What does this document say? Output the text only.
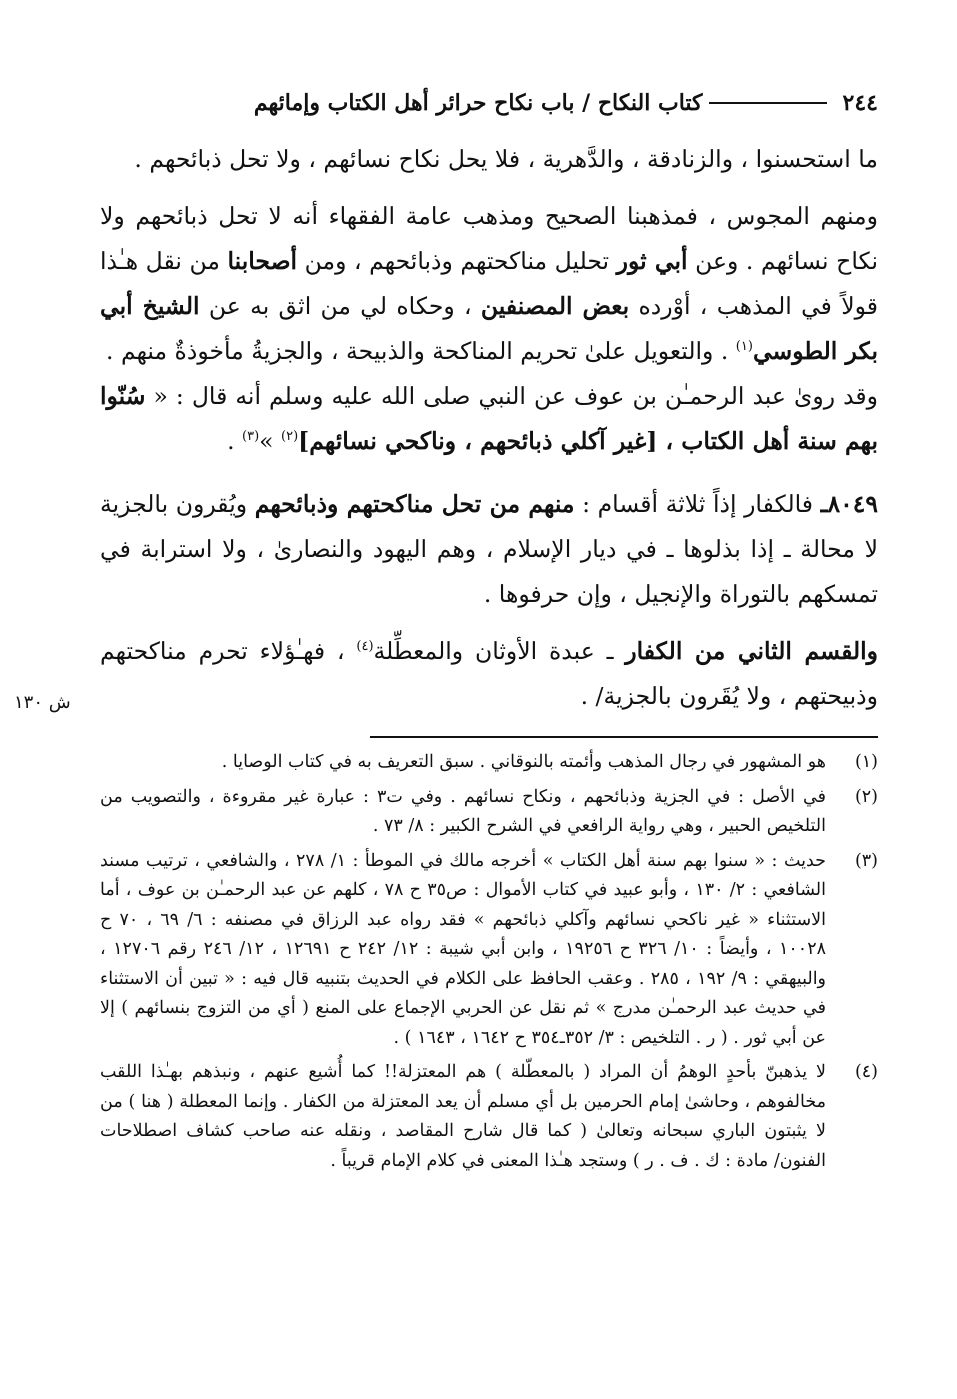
٢٤٤
كتاب النكاح / باب نكاح حرائر أهل الكتاب وإمائهم

ما استحسنوا ، والزنادقة ، والدَّهرية ، فلا يحل نكاح نسائهم ، ولا تحل ذبائحهم .

ومنهم المجوس ، فمذهبنا الصحيح ومذهب عامة الفقهاء أنه لا تحل ذبائحهم ولا نكاح نسائهم . وعن أبي ثور تحليل مناكحتهم وذبائحهم ، ومن أصحابنا من نقل هـٰذا قولاً في المذهب ، أوْرده بعض المصنفين ، وحكاه لي من اثق به عن الشيخ أبي بكر الطوسي$^{(١)}$ . والتعويل علىٰ تحريم المناكحة والذبيحة ، والجزيةُ مأخوذةٌ منهم .

وقد روىٰ عبد الرحمـٰن بن عوف عن النبي صلى الله عليه وسلم أنه قال : « سُنّوا بهم سنة أهل الكتاب ، [غير آكلي ذبائحهم ، وناكحي نسائهم]$^{(٢)}$ »$^{(٣)}$ .

٨٠٤٩ـ فالكفار إذاً ثلاثة أقسام : منهم من تحل مناكحتهم وذبائحهم ويُقرون بالجزية لا محالة ـ إذا بذلوها ـ في ديار الإسلام ، وهم اليهود والنصارىٰ ، ولا استرابة في تمسكهم بالتوراة والإنجيل ، وإن حرفوها .

والقسم الثاني من الكفار ـ عبدة الأوثان والمعطِّلة$^{(٤)}$ ، فهـٰؤلاء تحرم مناكحتهم وذبيحتهم ، ولا يُقَرون بالجزية/ .

ش ١٣٠
(١)
هو المشهور في رجال المذهب وأئمته بالنوقاني . سبق التعريف به في كتاب الوصايا .
(٢)
في الأصل : في الجزية وذبائحهم ، ونكاح نسائهم . وفي ت٣ : عبارة غير مقروءة ، والتصويب من التلخيص الحبير ، وهي رواية الرافعي في الشرح الكبير : ٨/ ٧٣ .
(٣)
حديث : « سنوا بهم سنة أهل الكتاب » أخرجه مالك في الموطأ : ١/ ٢٧٨ ، والشافعي ، ترتيب مسند الشافعي : ٢/ ١٣٠ ، وأبو عبيد في كتاب الأموال : ص٣٥ ح ٧٨ ، كلهم عن عبد الرحمـٰن بن عوف ، أما الاستثناء « غير ناكحي نسائهم وآكلي ذبائحهم » فقد رواه عبد الرزاق في مصنفه : ٦/ ٦٩ ، ٧٠ ح ١٠٠٢٨ ، وأيضاً : ١٠/ ٣٢٦ ح ١٩٢٥٦ ، وابن أبي شيبة : ١٢/ ٢٤٢ ح ١٢٦٩١ ، ١٢/ ٢٤٦ رقم ١٢٧٠٦ ، والبيهقي : ٩/ ١٩٢ ، ٢٨٥ . وعقب الحافظ على الكلام في الحديث بتنبيه قال فيه : « تبين أن الاستثناء في حديث عبد الرحمـٰن مدرج » ثم نقل عن الحربي الإجماع على المنع ( أي من التزوج بنسائهم ) إلا عن أبي ثور . ( ر . التلخيص : ٣/ ٣٥٢ـ٣٥٤ ح ١٦٤٢ ، ١٦٤٣ ) .
(٤)
لا يذهبنّ بأحدٍ الوهمُ أن المراد ( بالمعطّلة ) هم المعتزلة!! كما أُشيع عنهم ، ونبذهم بهـٰذا اللقب مخالفوهم ، وحاشىٰ إمام الحرمين بل أي مسلم أن يعد المعتزلة من الكفار . وإنما المعطلة ( هنا ) من لا يثبتون الباري سبحانه وتعالىٰ ( كما قال شارح المقاصد ، ونقله عنه صاحب كشاف اصطلاحات الفنون/ مادة : ك . ف . ر ) وستجد هـٰذا المعنى في كلام الإمام قريباً .
